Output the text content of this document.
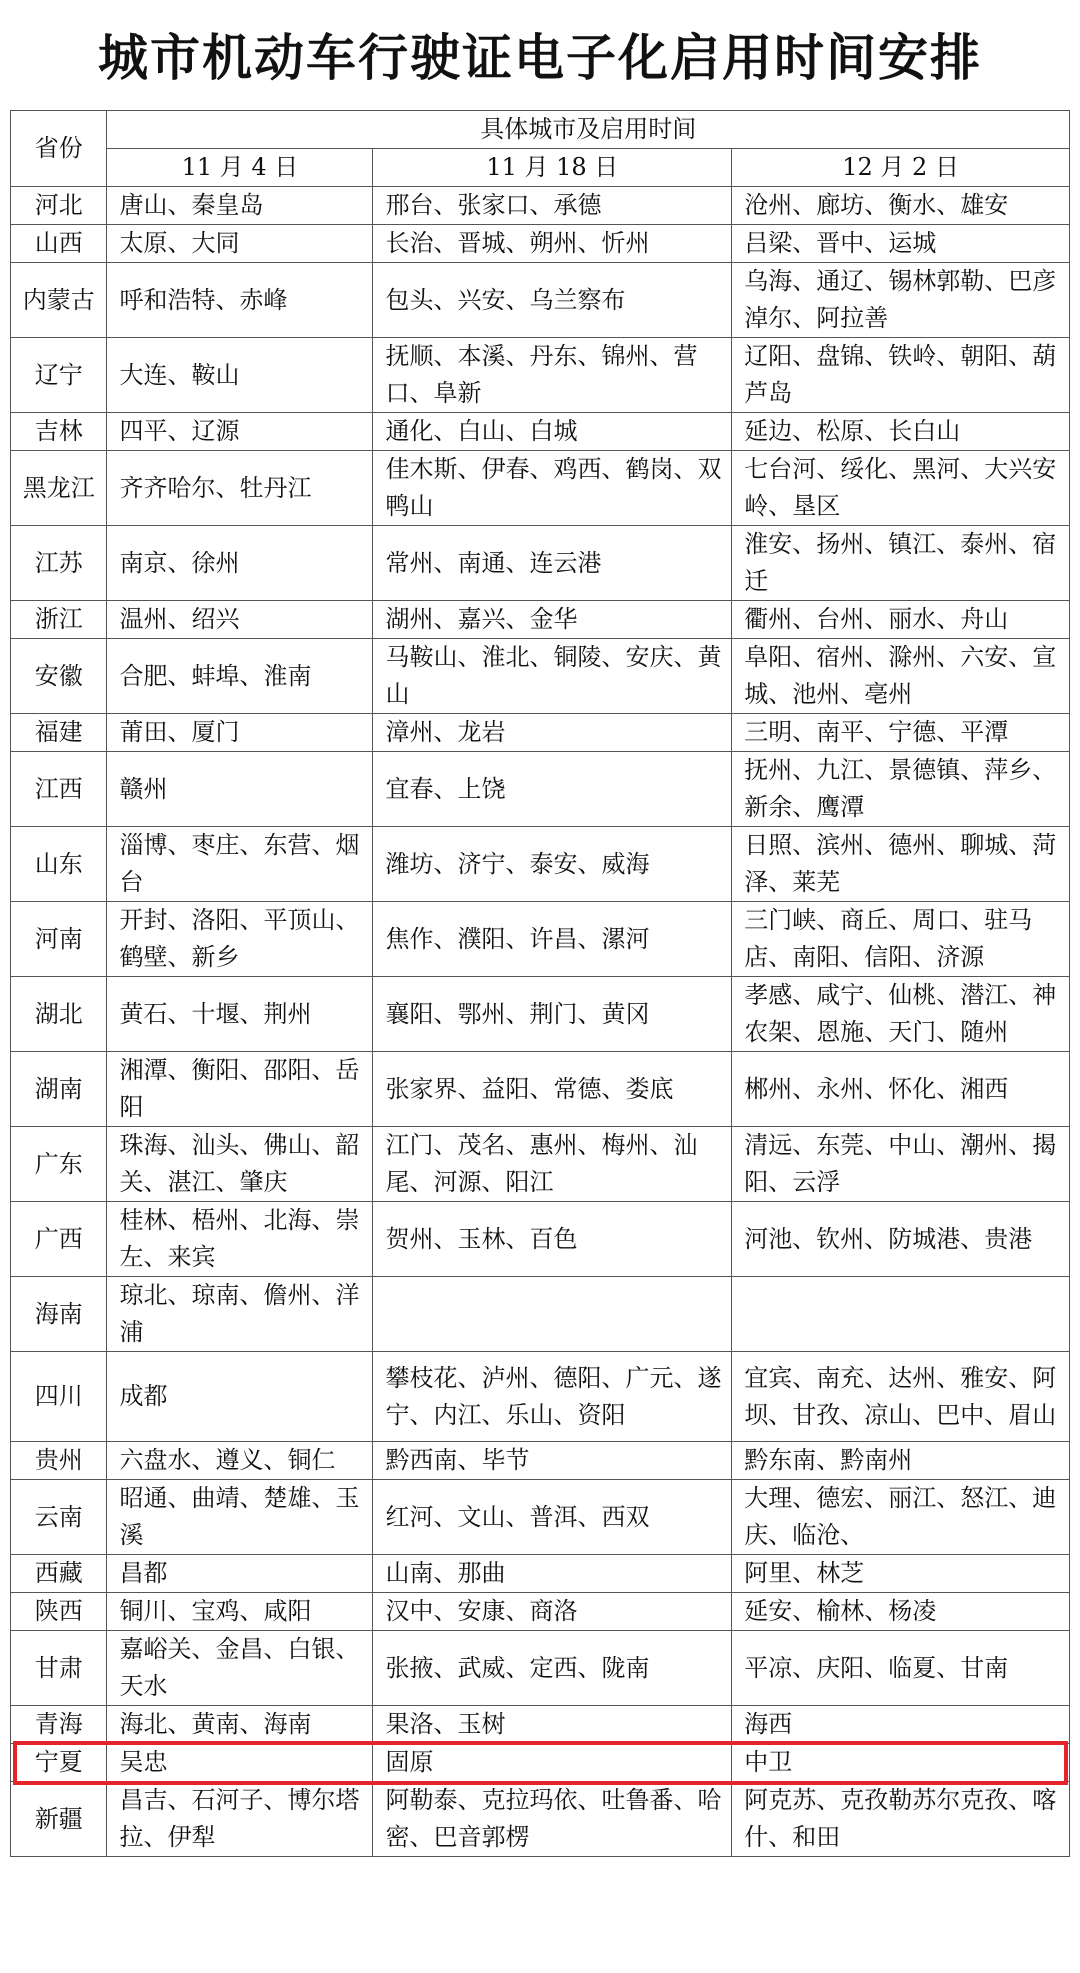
城市机动车行驶证电子化启用时间安排
省份	具体城市及启用时间		
	11 月 4 日	11 月 18 日	12 月 2 日
河北	唐山、秦皇岛	邢台、张家口、承德	沧州、廊坊、衡水、雄安
山西	太原、大同	长治、晋城、朔州、忻州	吕梁、晋中、运城
内蒙古	呼和浩特、赤峰	包头、兴安、乌兰察布	乌海、通辽、锡林郭勒、巴彦淖尔、阿拉善
辽宁	大连、鞍山	抚顺、本溪、丹东、锦州、营口、阜新	辽阳、盘锦、铁岭、朝阳、葫芦岛
吉林	四平、辽源	通化、白山、白城	延边、松原、长白山
黑龙江	齐齐哈尔、牡丹江	佳木斯、伊春、鸡西、鹤岗、双鸭山	七台河、绥化、黑河、大兴安岭、垦区
江苏	南京、徐州	常州、南通、连云港	淮安、扬州、镇江、泰州、宿迁
浙江	温州、绍兴	湖州、嘉兴、金华	衢州、台州、丽水、舟山
安徽	合肥、蚌埠、淮南	马鞍山、淮北、铜陵、安庆、黄山	阜阳、宿州、滁州、六安、宣城、池州、亳州
福建	莆田、厦门	漳州、龙岩	三明、南平、宁德、平潭
江西	赣州	宜春、上饶	抚州、九江、景德镇、萍乡、新余、鹰潭
山东	淄博、枣庄、东营、烟台	潍坊、济宁、泰安、威海	日照、滨州、德州、聊城、菏泽、莱芜
河南	开封、洛阳、平顶山、鹤壁、新乡	焦作、濮阳、许昌、漯河	三门峡、商丘、周口、驻马店、南阳、信阳、济源
湖北	黄石、十堰、荆州	襄阳、鄂州、荆门、黄冈	孝感、咸宁、仙桃、潜江、神农架、恩施、天门、随州
湖南	湘潭、衡阳、邵阳、岳阳	张家界、益阳、常德、娄底	郴州、永州、怀化、湘西
广东	珠海、汕头、佛山、韶关、湛江、肇庆	江门、茂名、惠州、梅州、汕尾、河源、阳江	清远、东莞、中山、潮州、揭阳、云浮
广西	桂林、梧州、北海、崇左、来宾	贺州、玉林、百色	河池、钦州、防城港、贵港
海南	琼北、琼南、儋州、洋浦		
四川	成都	攀枝花、泸州、德阳、广元、遂宁、内江、乐山、资阳	宜宾、南充、达州、雅安、阿坝、甘孜、凉山、巴中、眉山
贵州	六盘水、遵义、铜仁	黔西南、毕节	黔东南、黔南州
云南	昭通、曲靖、楚雄、玉溪	红河、文山、普洱、西双	大理、德宏、丽江、怒江、迪庆、临沧、
西藏	昌都	山南、那曲	阿里、林芝
陕西	铜川、宝鸡、咸阳	汉中、安康、商洛	延安、榆林、杨凌
甘肃	嘉峪关、金昌、白银、天水	张掖、武威、定西、陇南	平凉、庆阳、临夏、甘南
青海	海北、黄南、海南	果洛、玉树	海西
宁夏	吴忠	固原	中卫
新疆	昌吉、石河子、博尔塔拉、伊犁	阿勒泰、克拉玛依、吐鲁番、哈密、巴音郭楞	阿克苏、克孜勒苏尔克孜、喀什、和田
